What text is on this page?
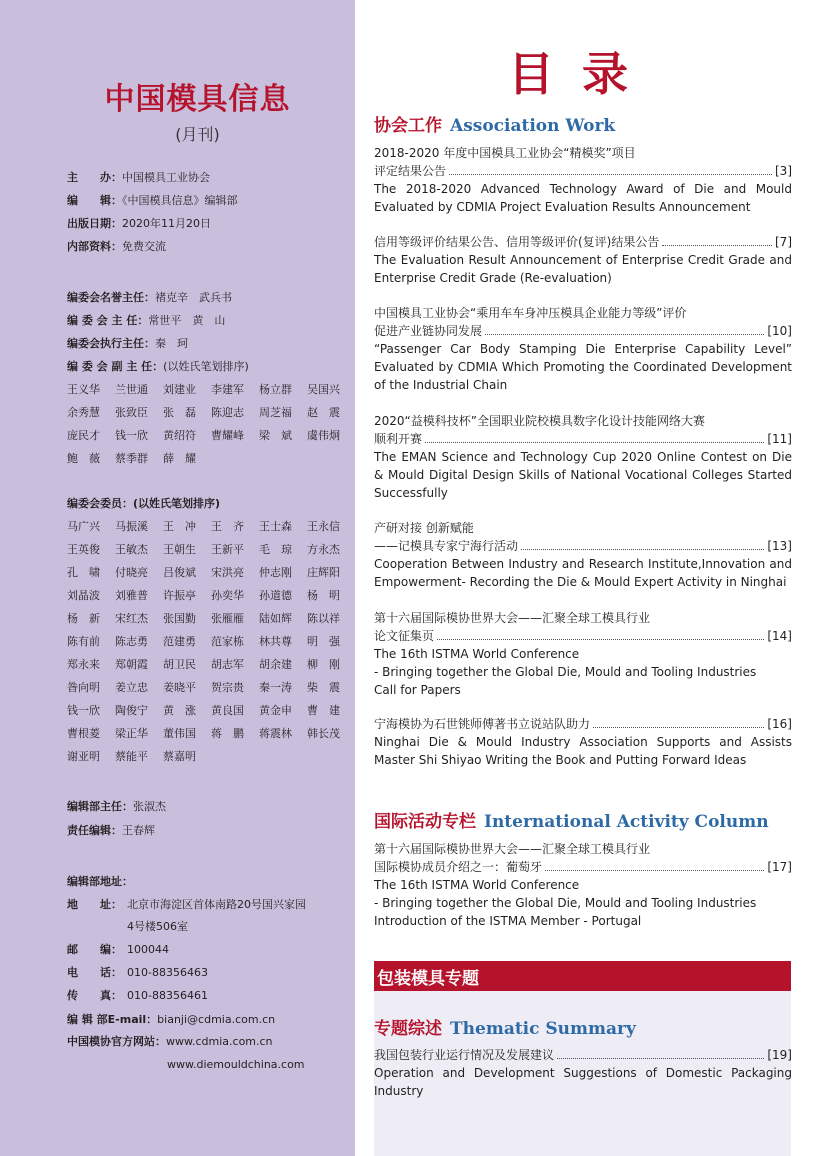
中国模具信息
(月刊)
主　　办：中国模具工业协会
编　　辑：《中国模具信息》编辑部
出版日期：2020年11月20日
内部资料：免费交流
编委会名誉主任：褚克辛　武兵书
编 委 会 主 任：常世平　黄　山
编委会执行主任：秦　珂
编 委 会 副 主 任：(以姓氏笔划排序)
王义华	兰世通	刘建业	李建军	杨立群	吴国兴
余秀慧	张致臣	张　磊	陈迎志	周芝福	赵　震
庞民才	钱一欣	黄绍符	曹耀峰	梁　斌	虞伟炯
鲍　薇	蔡季群	薛　耀
编委会委员：(以姓氏笔划排序)
马广兴	马振溪	王　冲	王　齐	王士森	王永信
王英俊	王敏杰	王朝生	王新平	毛　琼	方永杰
孔　啸	付晓亮	吕俊斌	宋洪亮	仲志刚	庄辉阳
刘晶波	刘雅普	许振亭	孙奕华	孙道德	杨　明
杨　新	宋红杰	张国勤	张雁雁	陆如辉	陈以祥
陈有前	陈志勇	范建勇	范家栋	林共尊	明　强
郑永来	郑朝霞	胡卫民	胡志军	胡余建	柳　刚
昝向明	姜立忠	姜晓平	贺宗贵	秦一涛	柴　震
钱一欣	陶俊宁	黄　涨	黄良国	黄金申	曹　建
曹根菱	梁正华	董伟国	蒋　鹏	蒋震林	韩长茂
谢亚明	蔡能平	蔡嘉明
编辑部主任：张淑杰
责任编辑：王春辉
编辑部地址：
地　　址： 北京市海淀区首体南路20号国兴家园
4号楼506室
邮　　编： 100044
电　　话： 010-88356463
传　　真： 010-88356461
编 辑 部E-mail：bianji@cdmia.com.cn
中国模协官方网站：www.cdmia.com.cn
www.diemouldchina.com
目录
协会工作 Association Work
2018-2020 年度中国模具工业协会“精模奖”项目
评定结果公告	[3]
The 2018-2020 Advanced Technology Award of Die and Mould Evaluated by CDMIA Project Evaluation Results Announcement
信用等级评价结果公告、信用等级评价(复评)结果公告	[7]
The Evaluation Result Announcement of Enterprise Credit Grade and Enterprise Credit Grade (Re-evaluation)
中国模具工业协会“乘用车车身冲压模具企业能力等级”评价
促进产业链协同发展	[10]
“Passenger Car Body Stamping Die Enterprise Capability Level” Evaluated by CDMIA Which Promoting the Coordinated Development of the Industrial Chain
2020“益模科技杯”全国职业院校模具数字化设计技能网络大赛
顺利开赛	[11]
The EMAN Science and Technology Cup 2020 Online Contest on Die & Mould Digital Design Skills of National Vocational Colleges Started Successfully
产研对接 创新赋能
——记模具专家宁海行活动	[13]
Cooperation Between Industry and Research Institute,Innovation and Empowerment- Recording the Die & Mould Expert Activity in Ninghai
第十六届国际模协世界大会——汇聚全球工模具行业
论文征集页	[14]
The 16th ISTMA World Conference
- Bringing together the Global Die, Mould and Tooling Industries
Call for Papers
宁海模协为石世铫师傅著书立说站队助力	[16]
Ninghai Die & Mould Industry Association Supports and Assists Master Shi Shiyao Writing the Book and Putting Forward Ideas
国际活动专栏 International Activity Column
第十六届国际模协世界大会——汇聚全球工模具行业
国际模协成员介绍之一：葡萄牙	[17]
The 16th ISTMA World Conference
- Bringing together the Global Die, Mould and Tooling Industries
Introduction of the ISTMA Member - Portugal
包装模具专题
专题综述 Thematic Summary
我国包装行业运行情况及发展建议	[19]
Operation and Development Suggestions of Domestic Packaging Industry
